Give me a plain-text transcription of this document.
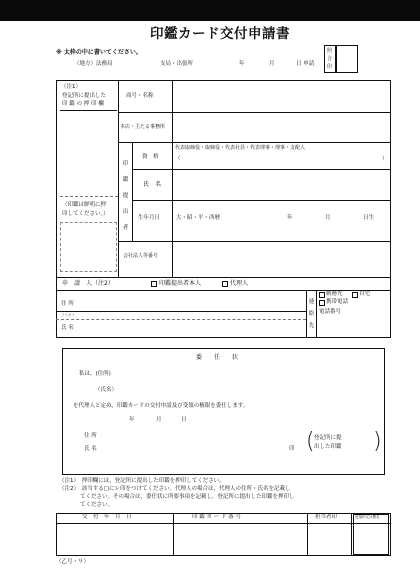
印鑑カード交付申請書
※ 太枠の中に書いてください。
（地方）法務局	支局・出張所	年	月	日 申請
照
合
印
（注1）
登記所に提出した
印 鑑 の 押 印 欄
（印鑑は鮮明に押
印してください。）
商号・名称
本店・主たる事務所
印
鑑
提
出
者
資　格
代表取締役・取締役・代表社員・代表理事・理事・支配人
（	）
氏　名
生年月日	大・昭・平・西暦	年	月	日生
会社法人等番号
申　請　人（注2）	印鑑提出者本人	代理人
住 所
フリガナ
氏 名
連
絡
先
勤務先	自宅
携帯電話
電話番号
委　　任　　状
私は，(住所)
（氏名）
を代理人と定め，印鑑カードの交付申請及び受領の権限を委任します。
年	月	日
住 所
氏 名	印 (	)
登記所に提
出した印鑑
（注1）　押印欄には，登記所に提出した印鑑を押印してください。
（注2）　該当する□にレ印をつけてください。代理人の場合は，代理人の住所・氏名を記載し
てください。その場合は，委任状に所要事項を記載し，登記所に提出した印鑑を押印し
てください。
交　付　年　月　日	印 鑑 カ ー ド 番 号	担当者印	受領印又は署名
（乙号・９）
